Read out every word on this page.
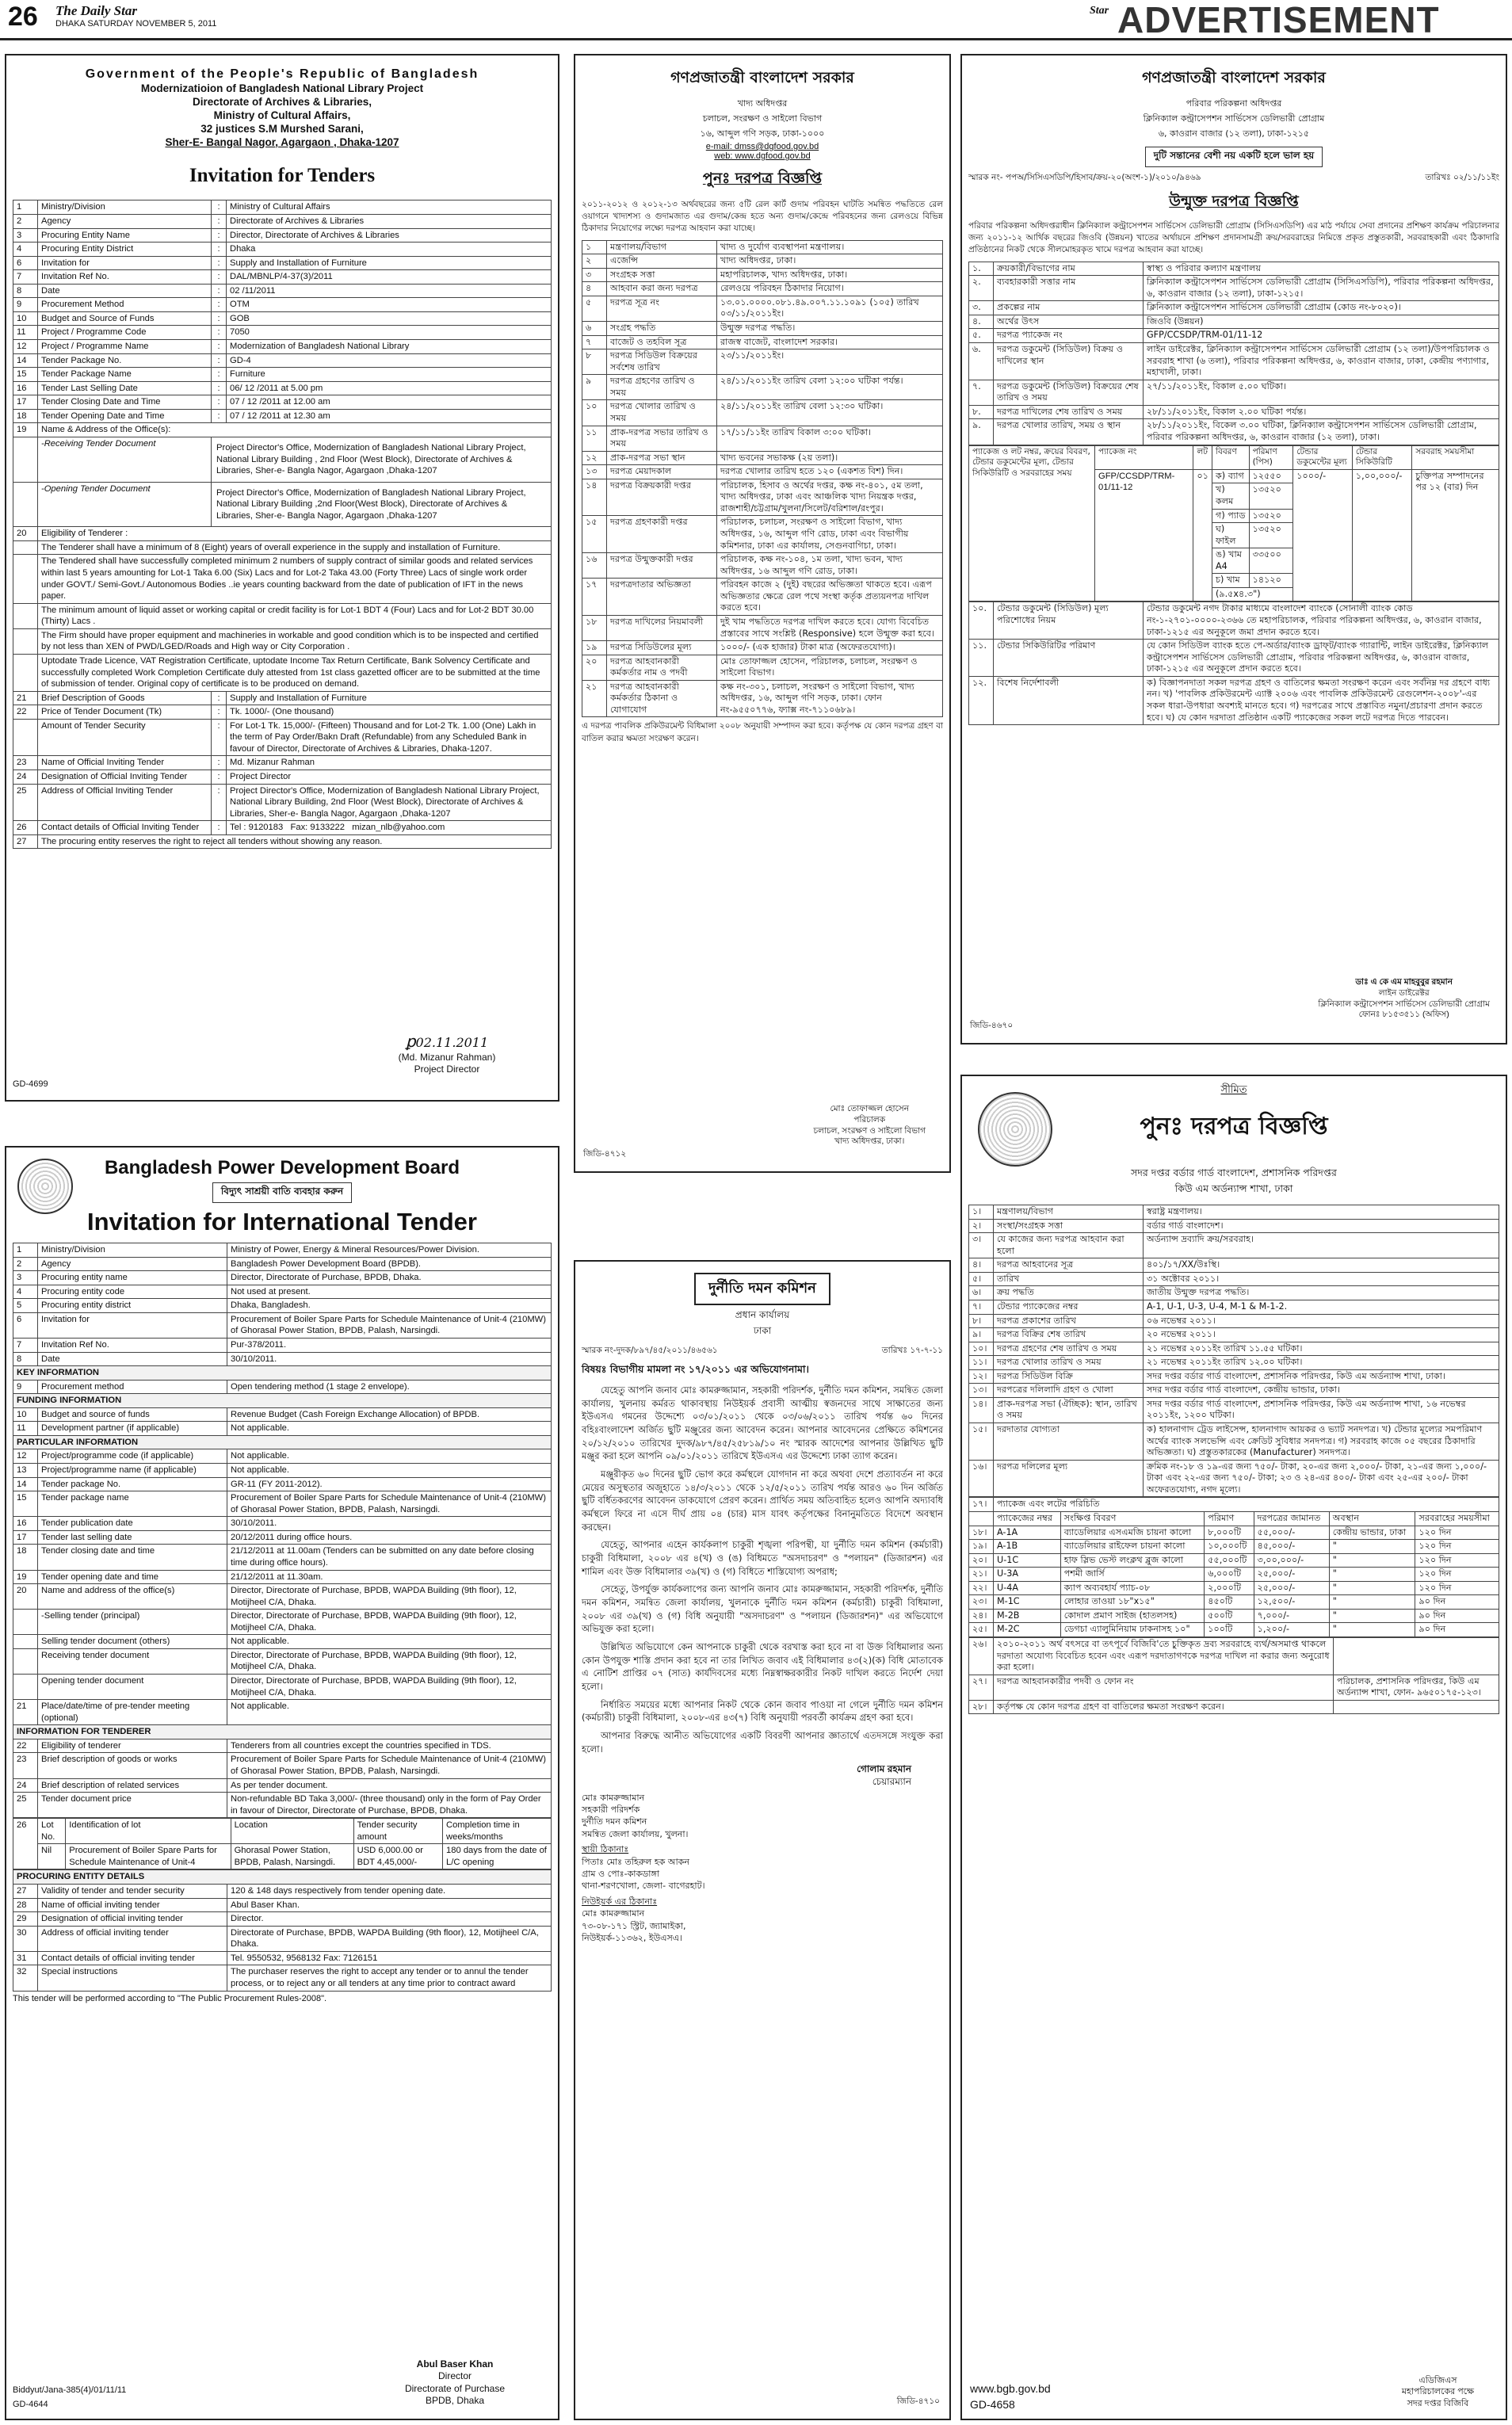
26 The Daily Star
DHAKA SATURDAY NOVEMBER 5, 2011
Star ADVERTISEMENT
Government of the People's Republic of Bangladesh
Modernizatioion of Bangladesh National Library Project
Directorate of Archives & Libraries,
Ministry of Cultural Affairs,
32 justices S.M Murshed Sarani,
Sher-E- Bangal Nagor, Agargaon , Dhaka-1207
Invitation for Tenders
1	Ministry/Division	:	Ministry of Cultural Affairs
2	Agency	:	Directorate of Archives & Libraries
3	Procuring Entity Name	:	Director, Directorate of Archives & Libraries
4	Procuring Entity District	:	Dhaka
6	Invitation for	:	Supply and Installation of Furniture
7	Invitation Ref No.	:	DAL/MBNLP/4-37(3)/2011
8	Date	:	02 /11/2011
9	Procurement Method	:	OTM
10	Budget and Source of Funds	:	GOB
11	Project / Programme Code	:	7050
12	Project / Programme Name	:	Modernization of Bangladesh National Library
14	Tender Package No.	:	GD-4
15	Tender Package Name	:	Furniture
16	Tender Last Selling Date	:	06/ 12 /2011 at 5.00 pm
17	Tender Closing Date and Time	:	07 / 12 /2011 at 12.00 am
18	Tender Opening Date and Time	:	07 / 12 /2011 at 12.30 am
19	Name & Address of the Office(s):		
	-Receiving Tender Document	Project Director's Office, Modernization of Bangladesh National Library Project, National Library Building , 2nd Floor (West Block), Directorate of Archives & Libraries, Sher-e- Bangla Nagor, Agargaon ,Dhaka-1207	
	-Opening Tender Document	Project Director's Office, Modernization of Bangladesh National Library Project, National Library Building ,2nd Floor(West Block), Directorate of Archives & Libraries, Sher-e- Bangla Nagor, Agargaon ,Dhaka-1207	
20	Eligibility of Tenderer :		
	The Tenderer shall have a minimum of 8 (Eight) years of overall experience in the supply and installation of Furniture.		
	The Tendered shall have successfully completed minimum 2 numbers of supply contract of similar goods and related services within last 5 years amounting for Lot-1 Taka 6.00 (Six) Lacs and for Lot-2 Taka 43.00 (Forty Three) Lacs of single work order under GOVT./ Semi-Govt./ Autonomous Bodies ..ie years counting backward from the date of publication of IFT in the news paper.		
	The minimum amount of liquid asset or working capital or credit facility is for Lot-1 BDT 4 (Four) Lacs and for Lot-2 BDT 30.00 (Thirty) Lacs .		
	The Firm should have proper equipment and machineries in workable and good condition which is to be inspected and certified by not less than XEN of PWD/LGED/Roads and High way or City Corporation .		
	Uptodate Trade Licence, VAT Registration Certificate, uptodate Income Tax Return Certificate, Bank Solvency Certificate and successfully completed Work Completion Certificate duly attested from 1st class gazetted officer are to be submitted at the time of submission of tender. Original copy of certificate is to be produced on demand.		
21	Brief Description of Goods	:	Supply and Installation of Furniture
22	Price of Tender Document (Tk)	:	Tk. 1000/- (One thousand)
	Amount of Tender Security	:	For Lot-1 Tk. 15,000/- (Fifteen) Thousand and for Lot-2 Tk. 1.00 (One) Lakh in the term of Pay Order/Bakn Draft (Refundable) from any Scheduled Bank in favour of Director, Directorate of Archives & Libraries, Dhaka-1207.
23	Name of Official Inviting Tender	:	Md. Mizanur Rahman
24	Designation of Official Inviting Tender	:	Project Director
25	Address of Official Inviting Tender	:	Project Director's Office, Modernization of Bangladesh National Library Project, National Library Building, 2nd Floor (West Block), Directorate of Archives & Libraries, Sher-e- Bangla Nagor, Agargaon ,Dhaka-1207
26	Contact details of Official Inviting Tender	:	Tel : 9120183 Fax: 9133222 mizan_nlb@yahoo.com
27	The procuring entity reserves the right to reject all tenders without showing any reason.		
ꝑ02.11.2011
(Md. Mizanur Rahman)
Project Director
GD-4699
গণপ্রজাতন্ত্রী বাংলাদেশ সরকার
খাদ্য অধিদপ্তর
চলাচল, সংরক্ষণ ও সাইলো বিভাগ
১৬, আব্দুল গণি সড়ক, ঢাকা-১০০০
e-mail: dmss@dgfood.gov.bd
web: www.dgfood.gov.bd
পুনঃ দরপত্র বিজ্ঞপ্তি
২০১১-২০১২ ও ২০১২-১৩ অর্থবছরের জন্য ৫টি রেল কার্ট গুদাম পরিবহন ঘাটতি সমন্বিত পদ্ধতিতে রেল ওয়াগনে খাদ্যশস্য ও গুদামজাত এর গুদাম/কেন্দ্র হতে অন্য গুদাম/কেন্দ্রে পরিবহনের জন্য রেলওয়ে বিভিন্ন ঠিকাদার নিয়োগের লক্ষ্যে দরপত্র আহবান করা যাচ্ছে।
১	মন্ত্রণালয়/বিভাগ	খাদ্য ও দুর্যোগ ব্যবস্থাপনা মন্ত্রণালয়।
২	এজেন্সি	খাদ্য অধিদপ্তর, ঢাকা।
৩	সংগ্রহক সত্তা	মহাপরিচালক, খাদ্য অধিদপ্তর, ঢাকা।
৪	আহবান করা জন্য দরপত্র	রেলওয়ে পরিবহন ঠিকাদার নিয়োগ।
৫	দরপত্র সূত্র নং	১৩.০১.০০০০.০৮১.৪৯.০০৭.১১.১০৯১ (১০৫) তারিখ ০৩/১১/২০১১ইং।
৬	সংগ্রহ পদ্ধতি	উন্মুক্ত দরপত্র পদ্ধতি।
৭	বাজেট ও তহবিল সূত্র	রাজস্ব বাজেট, বাংলাদেশ সরকার।
৮	দরপত্র সিডিউল বিক্রয়ের সর্বশেষ তারিখ	২৩/১১/২০১১ইং।
৯	দরপত্র গ্রহণের তারিখ ও সময়	২৪/১১/২০১১ইং তারিখ বেলা ১২:০০ ঘটিকা পর্যন্ত।
১০	দরপত্র খোলার তারিখ ও সময়	২৪/১১/২০১১ইং তারিখ বেলা ১২:৩০ ঘটিকা।
১১	প্রাক-দরপত্র সভার তারিখ ও সময়	১৭/১১/১১ইং তারিখ বিকাল ৩:০০ ঘটিকা।
১২	প্রাক-দরপত্র সভা স্থান	খাদ্য ভবনের সভাকক্ষ (২য় তলা)।
১৩	দরপত্র মেয়াদকাল	দরপত্র খোলার তারিখ হতে ১২০ (একশত বিশ) দিন।
১৪	দরপত্র বিক্রয়কারী দপ্তর	পরিচালক, হিসাব ও অর্থের দপ্তর, কক্ষ নং-৪০১, ৫ম তলা, খাদ্য অধিদপ্তর, ঢাকা এবং আঞ্চলিক খাদ্য নিয়ন্ত্রক দপ্তর, রাজশাহী/চট্টগ্রাম/খুলনা/সিলেট/বরিশাল/রংপুর।
১৫	দরপত্র গ্রহণকারী দপ্তর	পরিচালক, চলাচল, সংরক্ষণ ও সাইলো বিভাগ, খাদ্য অধিদপ্তর, ১৬, আব্দুল গণি রোড, ঢাকা এবং বিভাগীয় কমিশনার, ঢাকা এর কার্যালয়, সেগুনবাগিচা, ঢাকা।
১৬	দরপত্র উন্মুক্তকারী দপ্তর	পরিচালক, কক্ষ নং-১০৪, ১ম তলা, খাদ্য ভবন, খাদ্য অধিদপ্তর, ১৬ আব্দুল গণি রোড, ঢাকা।
১৭	দরপত্রদাতার অভিজ্ঞতা	পরিবহন কাজে ২ (দুই) বছরের অভিজ্ঞতা থাকতে হবে। এরূপ অভিজ্ঞতার ক্ষেত্রে রেল পথে সংস্থা কর্তৃক প্রত্যয়নপত্র দাখিল করতে হবে।
১৮	দরপত্র দাখিলের নিয়মাবলী	দুই খাম পদ্ধতিতে দরপত্র দাখিল করতে হবে। যোগ্য বিবেচিত প্রস্তাবের সাথে সংশ্লিষ্ট (Responsive) হলে উন্মুক্ত করা হবে।
১৯	দরপত্র সিডিউলের মূল্য	১০০০/- (এক হাজার) টাকা মাত্র (অফেরতযোগ্য)।
২০	দরপত্র আহবানকারী কর্মকর্তার নাম ও পদবী	মোঃ তোফাজ্জল হোসেন, পরিচালক, চলাচল, সংরক্ষণ ও সাইলো বিভাগ।
২১	দরপত্র আহবানকারী কর্মকর্তার ঠিকানা ও যোগাযোগ	কক্ষ নং-৩০১, চলাচল, সংরক্ষণ ও সাইলো বিভাগ, খাদ্য অধিদপ্তর, ১৬, আব্দুল গণি সড়ক, ঢাকা। ফোন নং-৯৫৫০৭৭৬, ফ্যাক্স নং-৭১১০৬৮৯।
এ দরপত্র পাবলিক প্রকিউরমেন্ট বিধিমালা ২০০৮ অনুযায়ী সম্পাদন করা হবে। কর্তৃপক্ষ যে কোন দরপত্র গ্রহণ বা বাতিল করার ক্ষমতা সংরক্ষণ করেন।
মোঃ তোফাজ্জল হোসেন
পরিচালক
চলাচল, সংরক্ষণ ও সাইলো বিভাগ
খাদ্য অধিদপ্তর, ঢাকা।
জিডি-৪৭১২
গণপ্রজাতন্ত্রী বাংলাদেশ সরকার
পরিবার পরিকল্পনা অধিদপ্তর
ক্লিনিক্যাল কন্ট্রাসেপশন সার্ভিসেস ডেলিভারী প্রোগ্রাম
৬, কাওরান বাজার (১২ তলা), ঢাকা-১২১৫
দুটি সন্তানের বেশী নয় একটি হলে ভাল হয়
স্মারক নং- পপঅ/সিসিএসডিপি/হিসাব/ক্রয়-২০(অংশ-১)/২০১০/৯৪৬৯	তারিখঃ ০২/১১/১১ইং
উন্মুক্ত দরপত্র বিজ্ঞপ্তি
পরিবার পরিকল্পনা অধিদপ্তরাধীন ক্লিনিক্যাল কন্ট্রাসেপশন সার্ভিসেস ডেলিভারী প্রোগ্রাম (সিসিএসডিপি) এর মাঠ পর্যায়ে সেবা প্রদানের প্রশিক্ষণ কার্যক্রম পরিচালনার জন্য ২০১১-১২ আর্থিক বছরের জিওবি (উন্নয়ন) খাতের অর্থায়নে প্রশিক্ষণ প্রদানসামগ্রী ক্রয়/সরবরাহের নিমিত্তে প্রকৃত প্রস্তুতকারী, সরবরাহকারী এবং ঠিকাদারি প্রতিষ্ঠানের নিকট থেকে সীলমোহরকৃত খামে দরপত্র আহবান করা যাচ্ছে।
১.	ক্রয়কারী/বিভাগের নাম	স্বাস্থ্য ও পরিবার কল্যাণ মন্ত্রণালয়
২.	ব্যবহারকারী সত্তার নাম	ক্লিনিক্যাল কন্ট্রাসেপশন সার্ভিসেস ডেলিভারী প্রোগ্রাম (সিসিএসডিপি), পরিবার পরিকল্পনা অধিদপ্তর, ৬, কাওরান বাজার (১২ তলা), ঢাকা-১২১৫।
৩.	প্রকল্পের নাম	ক্লিনিক্যাল কন্ট্রাসেপশন সার্ভিসেস ডেলিভারী প্রোগ্রাম (কোড নং-৮০২০)।
৪.	অর্থের উৎস	জিওবি (উন্নয়ন)
৫.	দরপত্র প্যাকেজ নং	GFP/CCSDP/TRM-01/11-12
৬.	দরপত্র ডকুমেন্ট (সিডিউল) বিক্রয় ও দাখিলের স্থান	লাইন ডাইরেক্টর, ক্লিনিক্যাল কন্ট্রাসেপশন সার্ভিসেস ডেলিভারী প্রোগ্রাম (১২ তলা)/উপপরিচালক ও সরবরাহ শাখা (৬ তলা), পরিবার পরিকল্পনা অধিদপ্তর, ৬, কাওরান বাজার, ঢাকা, কেন্দ্রীয় পণ্যাগার, মহাখালী, ঢাকা।
৭.	দরপত্র ডকুমেন্ট (সিডিউল) বিক্রয়ের শেষ তারিখ ও সময়	২৭/১১/২০১১ইং, বিকাল ৫.০০ ঘটিকা।
৮.	দরপত্র দাখিলের শেষ তারিখ ও সময়	২৮/১১/২০১১ইং, বিকাল ২.০০ ঘটিকা পর্যন্ত।
৯.	দরপত্র খোলার তারিখ, সময় ও স্থান	২৮/১১/২০১১ইং, বিকেল ৩.০০ ঘটিকা, ক্লিনিক্যাল কন্ট্রাসেপশন সার্ভিসেস ডেলিভারী প্রোগ্রাম, পরিবার পরিকল্পনা অধিদপ্তর, ৬, কাওরান বাজার (১২ তলা), ঢাকা।
প্যাকেজ ও লট নম্বর, ক্রয়ের বিবরণ, টেন্ডার ডকুমেন্টের মূল্য, টেন্ডার সিকিউরিটি ও সরবরাহের সময়	প্যাকেজ নং	লট	বিবরণ	পরিমাণ (পিস)	টেন্ডার ডকুমেন্টের মূল্য	টেন্ডার সিকিউরিটি	সরবরাহ সময়সীমা
	GFP/CCSDP/TRM-01/11-12	০১	ক) ব্যাগ	১২৫৫০	১০০০/-	১,০০,০০০/-	চুক্তিপত্র সম্পাদনের পর ১২ (বার) দিন
			খ) কলম	১৩৫২০			
			গ) প্যাড	১৩৫২০			
			ঘ) ফাইল	১৩৫২০			
			ঙ) খাম A4	৩৩৫০০			
			চ) খাম	১৪১২০			
			(৯.৫x৪.৩")				
১০.	টেন্ডার ডকুমেন্ট (সিডিউল) মূল্য পরিশোধের নিয়ম	টেন্ডার ডকুমেন্ট নগদ টাকার মাধ্যমে বাংলাদেশ ব্যাংকে (সোনালী ব্যাংক কোড নং-১-২৭০১-০০০০-২৩৬৬ তে মহাপরিচালক, পরিবার পরিকল্পনা অধিদপ্তর, ৬, কাওরান বাজার, ঢাকা-১২১৫ এর অনুকূলে জমা প্রদান করতে হবে।
১১.	টেন্ডার সিকিউরিটির পরিমাণ	যে কোন সিডিউল ব্যাংক হতে পে-অর্ডার/ব্যাংক ড্রাফ্‌ট/ব্যাংক গ্যারান্টি, লাইন ডাইরেক্টর, ক্লিনিক্যাল কন্ট্রাসেপশন সার্ভিসেস ডেলিভারী প্রোগ্রাম, পরিবার পরিকল্পনা অধিদপ্তর, ৬, কাওরান বাজার, ঢাকা-১২১৫ এর অনুকূলে প্রদান করতে হবে।
১২.	বিশেষ নির্দেশাবলী	ক) বিজ্ঞাপনদাতা সকল দরপত্র গ্রহণ ও বাতিলের ক্ষমতা সংরক্ষণ করেন এবং সর্বনিম্ন দর গ্রহণে বাধ্য নন। খ) 'পাবলিক প্রকিউরমেন্ট এ্যাক্ট ২০০৬ এবং পাবলিক প্রকিউরমেন্ট রেগুলেশন-২০০৮'-এর সকল ধারা-উপধারা অবশ্যই মানতে হবে। গ) দরপত্রের সাথে প্রস্তাবিত নমুনা/প্রচারণা প্রদান করতে হবে। ঘ) যে কোন দরদাতা প্রতিষ্ঠান একটি প্যাকেজের সকল লটে দরপত্র দিতে পারবেন।
ডাঃ এ কে এম মাহবুবুর রহমান
লাইন ডাইরেক্টর
ক্লিনিক্যাল কন্ট্রাসেপশন সার্ভিসেস ডেলিভারী প্রোগ্রাম
ফোনঃ ৮১৫৩৫১১ (অফিস)
জিডি-৪৬৭০
Bangladesh Power Development Board
বিদ্যুৎ সাশ্রয়ী বাতি ব্যবহার করুন
Invitation for International Tender
1	Ministry/Division	Ministry of Power, Energy & Mineral Resources/Power Division.
2	Agency	Bangladesh Power Development Board (BPDB).
3	Procuring entity name	Director, Directorate of Purchase, BPDB, Dhaka.
4	Procuring entity code	Not used at present.
5	Procuring entity district	Dhaka, Bangladesh.
6	Invitation for	Procurement of Boiler Spare Parts for Schedule Maintenance of Unit-4 (210MW) of Ghorasal Power Station, BPDB, Palash, Narsingdi.
7	Invitation Ref No.	Pur-378/2011.
8	Date	30/10/2011.
KEY INFORMATION		
9	Procurement method	Open tendering method (1 stage 2 envelope).
FUNDING INFORMATION		
10	Budget and source of funds	Revenue Budget (Cash Foreign Exchange Allocation) of BPDB.
11	Development partner (if applicable)	Not applicable.
PARTICULAR INFORMATION		
12	Project/programme code (if applicable)	Not applicable.
13	Project/programme name (if applicable)	Not applicable.
14	Tender package No.	GR-11 (FY 2011-2012).
15	Tender package name	Procurement of Boiler Spare Parts for Schedule Maintenance of Unit-4 (210MW) of Ghorasal Power Station, BPDB, Palash, Narsingdi.
16	Tender publication date	30/10/2011.
17	Tender last selling date	20/12/2011 during office hours.
18	Tender closing date and time	21/12/2011 at 11.00am (Tenders can be submitted on any date before closing time during office hours).
19	Tender opening date and time	21/12/2011 at 11.30am.
20	Name and address of the office(s)	Director, Directorate of Purchase, BPDB, WAPDA Building (9th floor), 12, Motijheel C/A, Dhaka.
	-Selling tender (principal)	Director, Directorate of Purchase, BPDB, WAPDA Building (9th floor), 12, Motijheel C/A, Dhaka.
	Selling tender document (others)	Not applicable.
	Receiving tender document	Director, Directorate of Purchase, BPDB, WAPDA Building (9th floor), 12, Motijheel C/A, Dhaka.
	Opening tender document	Director, Directorate of Purchase, BPDB, WAPDA Building (9th floor), 12, Motijheel C/A, Dhaka.
21	Place/date/time of pre-tender meeting (optional)	Not applicable.
INFORMATION FOR TENDERER		
22	Eligibility of tenderer	Tenderers from all countries except the countries specified in TDS.
23	Brief description of goods or works	Procurement of Boiler Spare Parts for Schedule Maintenance of Unit-4 (210MW) of Ghorasal Power Station, BPDB, Palash, Narsingdi.
24	Brief description of related services	As per tender document.
25	Tender document price	Non-refundable BD Taka 3,000/- (three thousand) only in the form of Pay Order in favour of Director, Directorate of Purchase, BPDB, Dhaka.
26	Lot No.	Identification of lot	Location	Tender security amount	Completion time in weeks/months
	Nil	Procurement of Boiler Spare Parts for Schedule Maintenance of Unit-4	Ghorasal Power Station, BPDB, Palash, Narsingdi.	USD 6,000.00 or BDT 4,45,000/-	180 days from the date of L/C opening
PROCURING ENTITY DETAILS		
27	Validity of tender and tender security	120 & 148 days respectively from tender opening date.
28	Name of official inviting tender	Abul Baser Khan.
29	Designation of official inviting tender	Director.
30	Address of official inviting tender	Directorate of Purchase, BPDB, WAPDA Building (9th floor), 12, Motijheel C/A, Dhaka.
31	Contact details of official inviting tender	Tel. 9550532, 9568132 Fax: 7126151
32	Special instructions	The purchaser reserves the right to accept any tender or to annul the tender process, or to reject any or all tenders at any time prior to contract award
This tender will be performed according to "The Public Procurement Rules-2008".
Abul Baser Khan
Director
Directorate of Purchase
BPDB, Dhaka
Biddyut/Jana-385(4)/01/11/11
GD-4644
দুর্নীতি দমন কমিশন
প্রধান কার্যালয়
ঢাকা
স্মারক নং-দুদক/৮৯৭/৪৫/২০১১/৪৬৫৬১	তারিখঃ ১৭-৭-১১
বিষয়ঃ বিভাগীয় মামলা নং ১৭/২০১১ এর অভিযোগনামা।

যেহেতু আপনি জনাব মোঃ কামরুজ্জামান, সহকারী পরিদর্শক, দুর্নীতি দমন কমিশন, সমন্বিত জেলা কার্যালয়, খুলনায় কর্মরত থাকাবস্থায় নিউইয়র্ক প্রবাসী আত্মীয় স্বজনদের সাথে সাক্ষাতের জন্য ইউএসএ গমনের উদ্দেশ্যে ০৩/০১/২০১১ থেকে ০৩/০৬/২০১১ তারিখ পর্যন্ত ৬০ দিনের বহিঃবাংলাদেশ অর্জিত ছুটি মঞ্জুরের জন্য আবেদন করেন। আপনার আবেদনের প্রেক্ষিতে কমিশনের ২০/১২/২০১০ তারিখের দুদক/৯৮৭/৪৫/২৫৮১৯/১০ নং স্মারক আদেশের আপনার উল্লিখিত ছুটি মঞ্জুর করা হলে আপনি ০৯/০১/২০১১ তারিখে ইউএসএ এর উদ্দেশ্যে ঢাকা ত্যাগ করেন।

মঞ্জুরীকৃত ৬০ দিনের ছুটি ভোগ করে কর্মস্থলে যোগদান না করে অথবা দেশে প্রত্যাবর্তন না করে মেয়ের অসুস্থতার অজুহাতে ১৪/৩/২০১১ থেকে ১২/৫/২০১১ তারিখ পর্যন্ত আরও ৬০ দিন অর্জিত ছুটি বর্ধিতকরণের আবেদন ডাকযোগে প্রেরণ করেন। প্রার্থিত সময় অতিবাহিত হলেও আপনি অদ্যাবধি কর্মস্থলে ফিরে না এসে দীর্ঘ প্রায় ০৪ (চার) মাস যাবৎ কর্তৃপক্ষের বিনানুমতিতে বিদেশে অবস্থান করছেন।

যেহেতু, আপনার এহেন কার্যকলাপ চাকুরী শৃঙ্খলা পরিপন্থী, যা দুর্নীতি দমন কমিশন (কর্মচারী) চাকুরী বিধিমালা, ২০০৮ এর ৪(খ) ও (ঙ) বিধিমতে "অসদাচরণ" ও "পলায়ন" (ডিজারশন) এর শামিল এবং উক্ত বিধিমালার ৩৯(খ) ও (গ) বিধিতে শাস্তিযোগ্য অপরাধ;

সেহেতু, উপর্যুক্ত কার্যকলাপের জন্য আপনি জনাব মোঃ কামরুজ্জামান, সহকারী পরিদর্শক, দুর্নীতি দমন কমিশন, সমন্বিত জেলা কার্যালয়, খুলনাকে দুর্নীতি দমন কমিশন (কর্মচারী) চাকুরী বিধিমালা, ২০০৮ এর ৩৯(খ) ও (গ) বিধি অনুযায়ী "অসদাচরণ" ও "পলায়ন (ডিজারশন)" এর অভিযোগে অভিযুক্ত করা হলো।

উল্লিখিত অভিযোগে কেন আপনাকে চাকুরী থেকে বরখাস্ত করা হবে না বা উক্ত বিধিমালার অন্য কোন উপযুক্ত শাস্তি প্রদান করা হবে না তার লিখিত জবাব এই বিধিমালার ৪৩(২)(ক) বিধি মোতাবেক এ নোটিশ প্রাপ্তির ০৭ (সাত) কার্যদিবসের মধ্যে নিম্নস্বাক্ষরকারীর নিকট দাখিল করতে নির্দেশ দেয়া হলো।

নির্ধারিত সময়ের মধ্যে আপনার নিকট থেকে কোন জবাব পাওয়া না গেলে দুর্নীতি দমন কমিশন (কর্মচারী) চাকুরী বিধিমালা, ২০০৮-এর ৪৩(৭) বিধি অনুযায়ী পরবর্তী কার্যক্রম গ্রহণ করা হবে।

আপনার বিরুদ্ধে আনীত অভিযোগের একটি বিবরণী আপনার জ্ঞাতার্থে এতদসঙ্গে সংযুক্ত করা হলো।

গোলাম রহমান
চেয়ারম্যান
মোঃ কামরুজ্জামান
সহকারী পরিদর্শক
দুর্নীতি দমন কমিশন
সমন্বিত জেলা কার্যালয়, খুলনা।
স্থায়ী ঠিকানাঃ
পিতাঃ মোঃ তহিরুল হক আকন
গ্রাম ও পোঃ-কাকডাঙ্গা
থানা-শরণখোলা, জেলা- বাগেরহাট।
নিউইয়র্ক এর ঠিকানাঃ
মোঃ কামরুজ্জামান
৭৩-০৮-১৭১ স্ট্রিট, জ্যামাইকা,
নিউইয়র্ক-১১৩৬২, ইউএসএ।
জিডি-৪৭১০
সীমিত
পুনঃ দরপত্র বিজ্ঞপ্তি
সদর দপ্তর বর্ডার গার্ড বাংলাদেশ, প্রশাসনিক পরিদপ্তর
কিউ এম অর্ডন্যান্স শাখা, ঢাকা
১।	মন্ত্রণালয়/বিভাগ	স্বরাষ্ট্র মন্ত্রণালয়।
২।	সংস্থা/সংগ্রহক সত্তা	বর্ডার গার্ড বাংলাদেশ।
৩।	যে কাজের জন্য দরপত্র আহবান করা হলো	অর্ডন্যান্স দ্রব্যাদি ক্রয়/সরবরাহ।
৪।	দরপত্র আহবানের সূত্র	৪০১/১৭/XX/উঃস্থি।
৫।	তারিখ	৩১ অক্টোবর ২০১১।
৬।	ক্রয় পদ্ধতি	জাতীয় উন্মুক্ত দরপত্র পদ্ধতি।
৭।	টেন্ডার প্যাকেজের নম্বর	A-1, U-1, U-3, U-4, M-1 & M-1-2.
৮।	দরপত্র প্রকাশের তারিখ	০৬ নভেম্বর ২০১১।
৯।	দরপত্র বিক্রির শেষ তারিখ	২০ নভেম্বর ২০১১।
১০।	দরপত্র গ্রহণের শেষ তারিখ ও সময়	২১ নভেম্বর ২০১১ইং তারিখ ১১.৫৫ ঘটিকা।
১১।	দরপত্র খোলার তারিখ ও সময়	২১ নভেম্বর ২০১১ইং তারিখ ১২.০০ ঘটিকা।
১২।	দরপত্র সিডিউল বিক্রি	সদর দপ্তর বর্ডার গার্ড বাংলাদেশ, প্রশাসনিক পরিদপ্তর, কিউ এম অর্ডন্যান্স শাখা, ঢাকা।
১৩।	দরপত্রের দলিলাদি গ্রহণ ও খোলা	সদর দপ্তর বর্ডার গার্ড বাংলাদেশ, কেন্দ্রীয় ভান্ডার, ঢাকা।
১৪।	প্রাক-দরপত্র সভা (ঐচ্ছিক): স্থান, তারিখ ও সময়	সদর দপ্তর বর্ডার গার্ড বাংলাদেশ, প্রশাসনিক পরিদপ্তর, কিউ এম অর্ডন্যান্স শাখা, ১৬ নভেম্বর ২০১১ইং, ১২০০ ঘটিকা।
১৫।	দরদাতার যোগ্যতা	ক) হালনাগাদ ট্রেড লাইসেন্স, হালনাগাদ আয়কর ও ভ্যাট সনদপত্র। খ) টেন্ডার মূল্যের সমপরিমাণ অর্থের ব্যাংক সলভেন্সি এবং ক্রেডিট সুবিধার সনদপত্র। গ) সরবরাহ কাজে ০৫ বছরের ঠিকাদারি অভিজ্ঞতা। ঘ) প্রস্তুতকারকের (Manufacturer) সনদপত্র।
১৬।	দরপত্র দলিলের মূল্য	ক্রমিক নং-১৮ ও ১৯-এর জন্য ৭৫০/- টাকা, ২০-এর জন্য ২,০০০/- টাকা, ২১-এর জন্য ১,০০০/- টাকা এবং ২২-এর জন্য ৭৫০/- টাকা; ২৩ ও ২৪-এর ৪০০/- টাকা এবং ২৫-এর ২০০/- টাকা অফেরতযোগ্য, নগদ মূল্যে।
১৭।	প্যাকেজ এবং লটের পরিচিতি					
	প্যাকেজের নম্বর	সংক্ষিপ্ত বিবরণ	পরিমাণ	দরপত্রের জামানত	অবস্থান	সরবরাহের সময়সীমা
১৮।	A-1A	ব্যাডেলিয়ার এসএমজি চায়না কালো	৮,০০০টি	৫৫,০০০/-	কেন্দ্রীয় ভান্ডার, ঢাকা	১২০ দিন
১৯।	A-1B	ব্যাডেলিয়ার রাইফেল চায়না কালো	১০,০০০টি	৪৫,০০০/-	"	১২০ দিন
২০।	U-1C	হাফ স্লিভ ভেস্ট লংক্লথ ব্লুজ কালো	৫৫,০০০টি	৩,০০,০০০/-	"	১২০ দিন
২১।	U-3A	পশমী জার্সি	৬,০০০টি	২৫,০০০/-	"	১২০ দিন
২২।	U-4A	ক্যাপ অব্যবহার্য প্যাচ-০৮	২,০০০টি	২৫,০০০/-	"	১২০ দিন
২৩।	M-1C	লোহার তাওয়া ১৮"x১৫"	৪৫০টি	১২,৫০০/-	"	৯০ দিন
২৪।	M-2B	কোদাল প্রমাণ সাইজ (হাতলসহ)	৫০০টি	৭,০০০/-	"	৯০ দিন
২৫।	M-2C	ডেগচা এ্যালুমিনিয়াম ঢাকনাসহ ১০"	১০০টি	১,২০০/-	"	৯০ দিন
২৬।	২০১০-২০১১ অর্থ বৎসরে বা তৎপূর্বে বিজিবি'তে চুক্তিকৃত দ্রব্য সরবরাহে ব্যর্থ/অসমাপ্ত থাকলে দরদাতা অযোগ্য বিবেচিত হবেন এবং এরূপ দরদাতাগণকে দরপত্র দাখিল না করার জন্য অনুরোধ করা হলো।	
২৭।	দরপত্র আহবানকারীর পদবী ও ফোন নং	পরিচালক, প্রশাসনিক পরিদপ্তর, কিউ এম অর্ডন্যান্স শাখা, ফোন- ৯৬৫০১৭৫-১২৩।
২৮।	কর্তৃপক্ষ যে কোন দরপত্র গ্রহণ বা বাতিলের ক্ষমতা সংরক্ষণ করেন।	
www.bgb.gov.bd
GD-4658
এডিজিএস
মহাপরিচালকের পক্ষে
সদর দপ্তর বিজিবি
